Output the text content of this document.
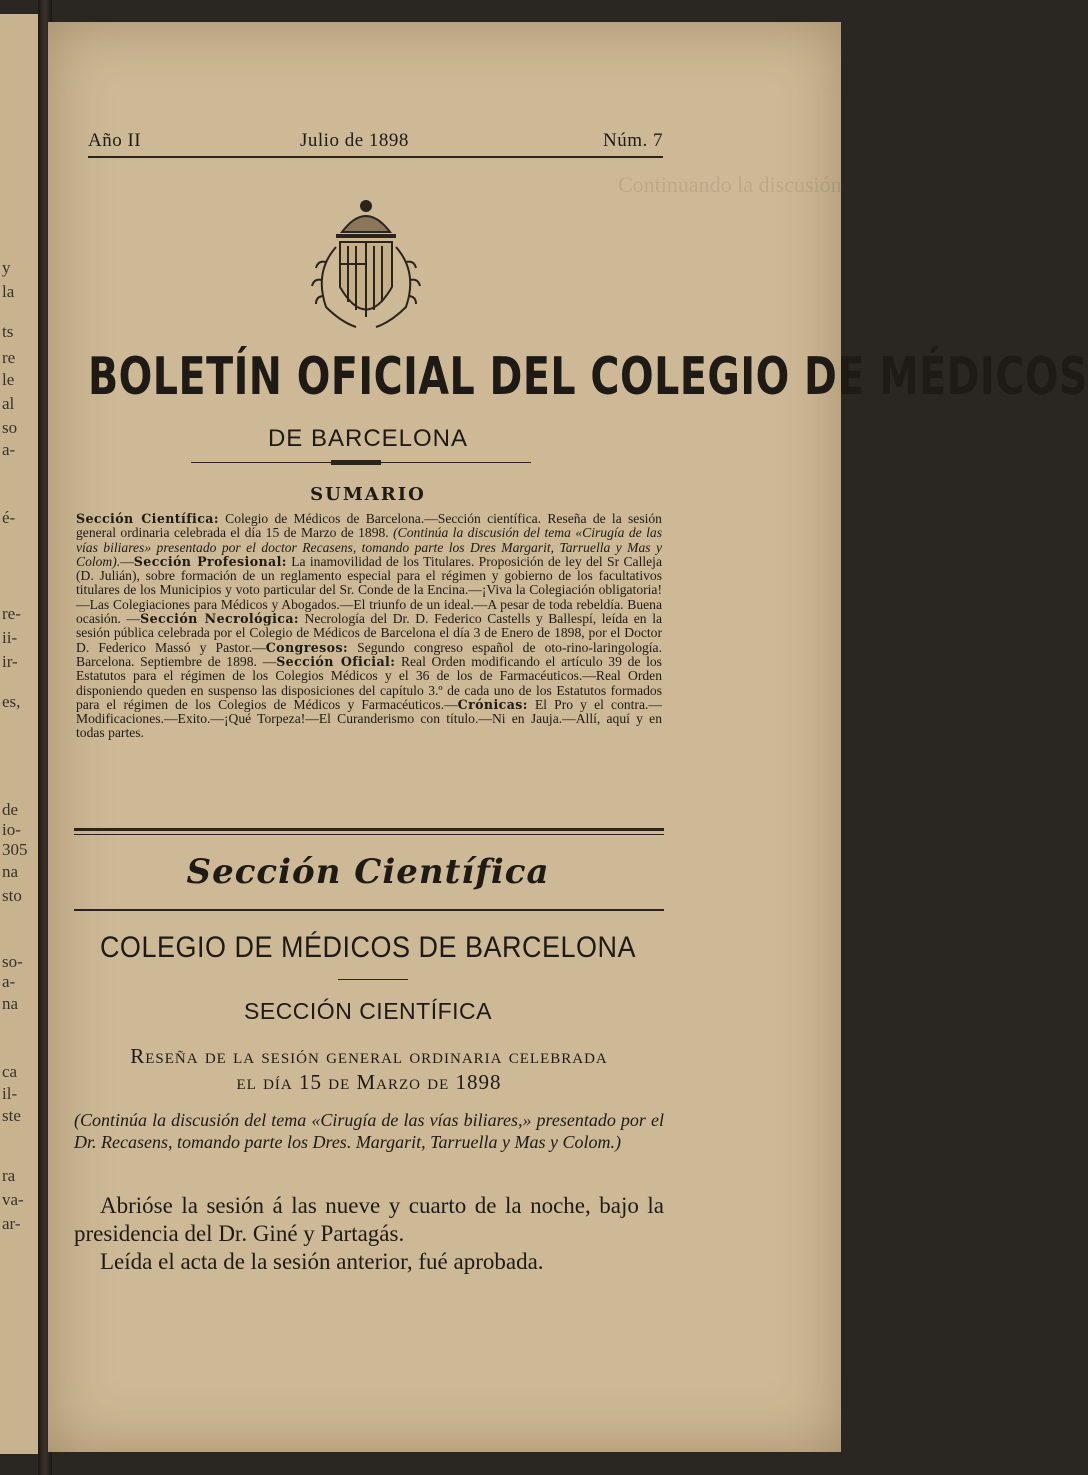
y
la
ts
re
le
al
so
a-
é-
re-
ii-
ir-
es,
de
io-
305
na
sto
so-
a-
na
ca
il-
ste
ra
va-
ar-
Continuando la discusión
Año II	Julio de 1898	Núm. 7
BOLETÍN OFICIAL DEL COLEGIO DE MÉDICOS
DE BARCELONA
SUMARIO
Sección Científica: Colegio de Médicos de Barcelona.—Sección científica. Reseña de la sesión general ordinaria celebrada el día 15 de Marzo de 1898. (Continúa la discusión del tema «Cirugía de las vías biliares» presentado por el doctor Recasens, tomando parte los Dres Margarit, Tarruella y Mas y Colom).—Sección Profesional: La inamovilidad de los Titulares. Proposición de ley del Sr Calleja (D. Julián), sobre formación de un reglamento especial para el régimen y gobierno de los facultativos titulares de los Municipios y voto particular del Sr. Conde de la Encina.—¡Viva la Colegiación obligatoria!—Las Colegiaciones para Médicos y Abogados.—El triunfo de un ideal.—A pesar de toda rebeldía. Buena ocasión. —Sección Necrológica: Necrología del Dr. D. Federico Castells y Ballespí, leída en la sesión pública celebrada por el Colegio de Médicos de Barcelona el día 3 de Enero de 1898, por el Doctor D. Federico Massó y Pastor.—Congresos: Segundo congreso español de oto-rino-laringología. Barcelona. Septiembre de 1898. —Sección Oficial: Real Orden modificando el artículo 39 de los Estatutos para el régimen de los Colegios Médicos y el 36 de los de Farmacéuticos.—Real Orden disponiendo queden en suspenso las disposiciones del capítulo 3.º de cada uno de los Estatutos formados para el régimen de los Colegios de Médicos y Farmacéuticos.—Crónicas: El Pro y el contra.—Modificaciones.—Exito.—¡Qué Torpeza!—El Curanderismo con título.—Ni en Jauja.—Allí, aquí y en todas partes.
Sección Científica
COLEGIO DE MÉDICOS DE BARCELONA
SECCIÓN CIENTÍFICA
Reseña de la sesión general ordinaria celebrada
el día 15 de Marzo de 1898
(Continúa la discusión del tema «Cirugía de las vías biliares,» presentado por el Dr. Recasens, tomando parte los Dres. Margarit, Tarruella y Mas y Colom.)

Abrióse la sesión á las nueve y cuarto de la noche, bajo la presidencia del Dr. Giné y Partagás.

Leída el acta de la sesión anterior, fué aprobada.
